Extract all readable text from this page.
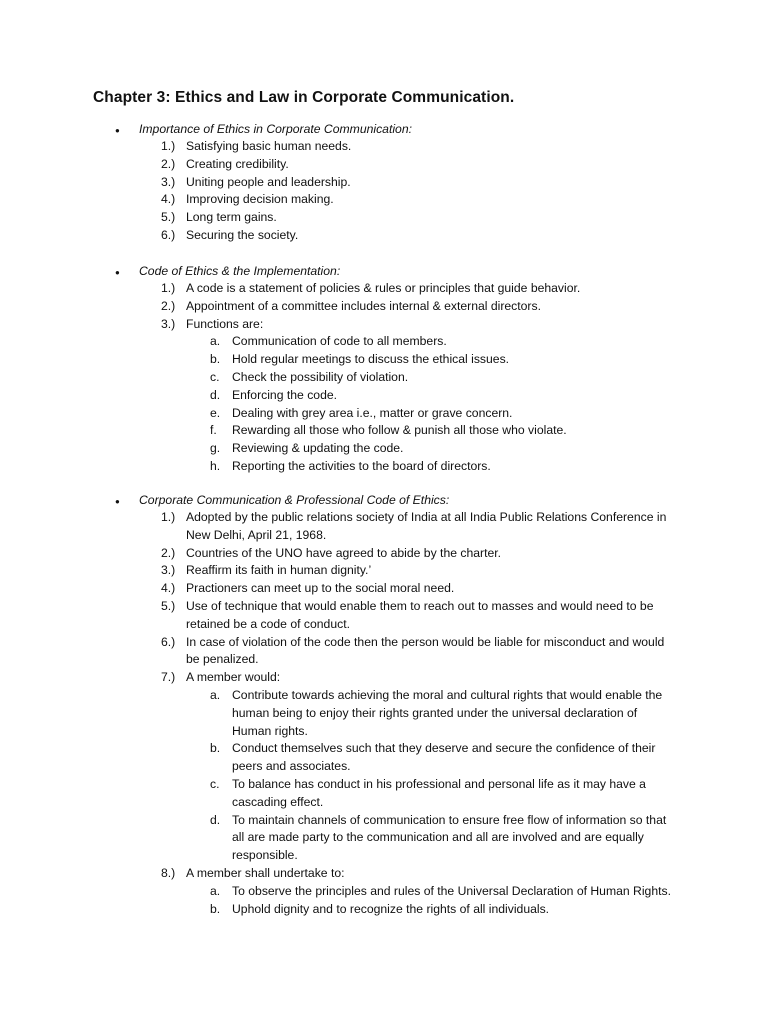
Chapter 3: Ethics and Law in Corporate Communication.
●
Importance of Ethics in Corporate Communication:
1.) Satisfying basic human needs.
2.) Creating credibility.
3.) Uniting people and leadership.
4.) Improving decision making.
5.) Long term gains.
6.) Securing the society.
●
Code of Ethics & the Implementation:
1.) A code is a statement of policies & rules or principles that guide behavior.
2.) Appointment of a committee includes internal & external directors.
3.) Functions are:
a. Communication of code to all members.
b. Hold regular meetings to discuss the ethical issues.
c. Check the possibility of violation.
d. Enforcing the code.
e. Dealing with grey area i.e., matter or grave concern.
f. Rewarding all those who follow & punish all those who violate.
g. Reviewing & updating the code.
h. Reporting the activities to the board of directors.
●
Corporate Communication & Professional Code of Ethics:
1.) Adopted by the public relations society of India at all India Public Relations Conference in New Delhi, April 21, 1968.
2.) Countries of the UNO have agreed to abide by the charter.
3.) Reaffirm its faith in human dignity.’
4.) Practioners can meet up to the social moral need.
5.) Use of technique that would enable them to reach out to masses and would need to be retained be a code of conduct.
6.) In case of violation of the code then the person would be liable for misconduct and would be penalized.
7.) A member would:
a. Contribute towards achieving the moral and cultural rights that would enable the human being to enjoy their rights granted under the universal declaration of Human rights.
b. Conduct themselves such that they deserve and secure the confidence of their peers and associates.
c. To balance has conduct in his professional and personal life as it may have a cascading effect.
d. To maintain channels of communication to ensure free flow of information so that all are made party to the communication and all are involved and are equally responsible.
8.) A member shall undertake to:
a. To observe the principles and rules of the Universal Declaration of Human Rights.
b. Uphold dignity and to recognize the rights of all individuals.
